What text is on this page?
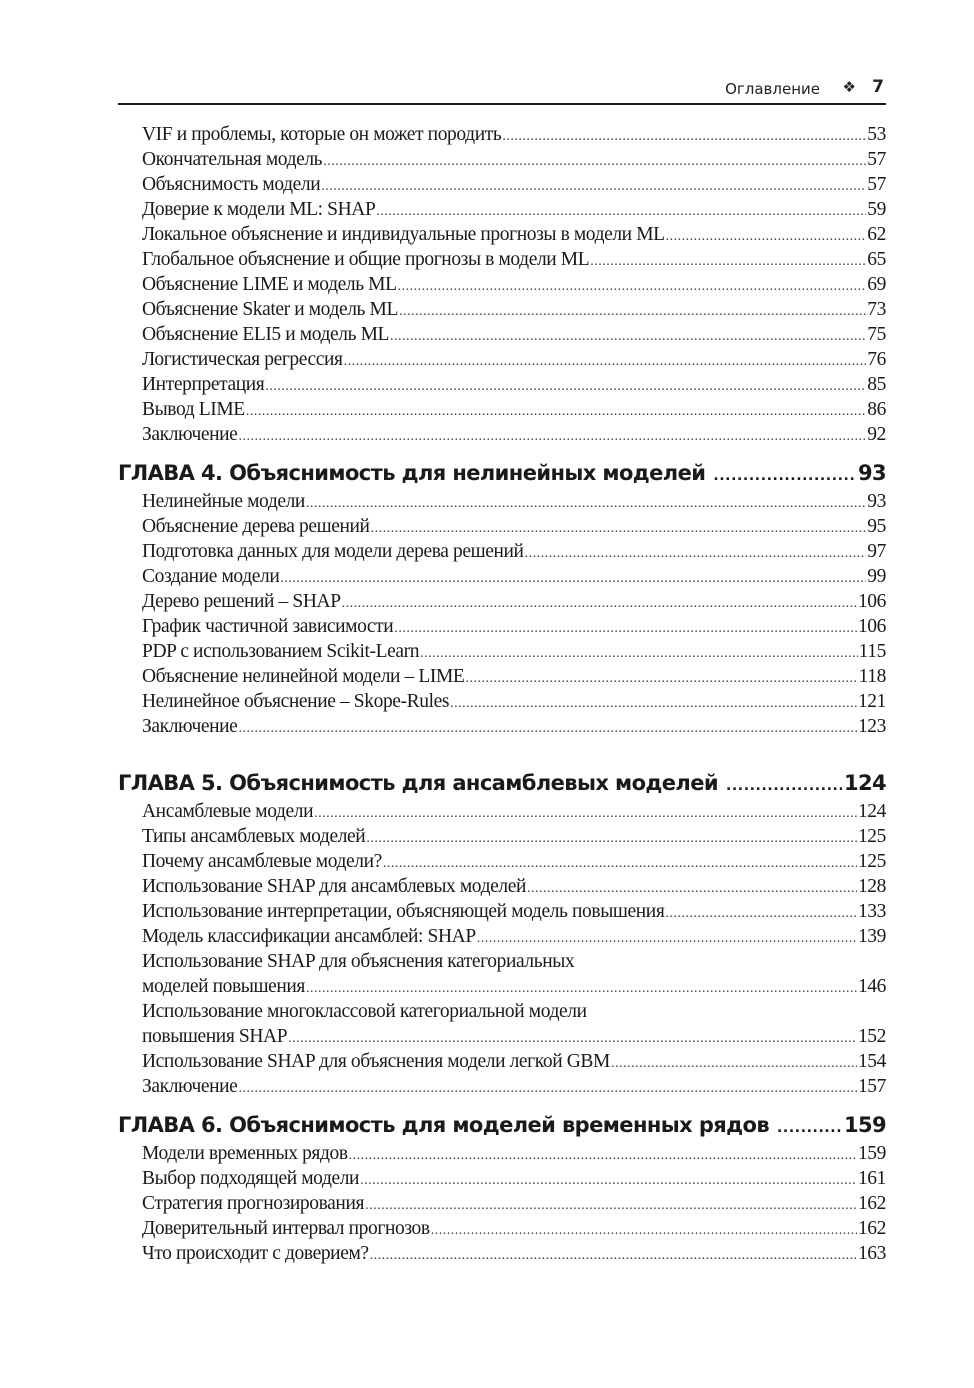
Оглавление ❖ 7
VIF и проблемы, которые он может породить .....	53
Окончательная модель .....	57
Объяснимость модели .....	57
Доверие к модели ML: SHAP .....	59
Локальное объяснение и индивидуальные прогнозы в модели ML .....	62
Глобальное объяснение и общие прогнозы в модели ML .....	65
Объяснение LIME и модель ML .....	69
Объяснение Skater и модель ML .....	73
Объяснение ELI5 и модель ML .....	75
Логистическая регрессия .....	76
Интерпретация .....	85
Вывод LIME .....	86
Заключение .....	92
ГЛАВА 4. Объяснимость для нелинейных моделей .....	93
Нелинейные модели .....	93
Объяснение дерева решений .....	95
Подготовка данных для модели дерева решений .....	97
Создание модели .....	99
Дерево решений – SHAP .....	106
График частичной зависимости .....	106
PDP с использованием Scikit-Learn .....	115
Объяснение нелинейной модели – LIME .....	118
Нелинейное объяснение – Skope-Rules .....	121
Заключение .....	123
ГЛАВА 5. Объяснимость для ансамблевых моделей .....	124
Ансамблевые модели .....	124
Типы ансамблевых моделей .....	125
Почему ансамблевые модели? .....	125
Использование SHAP для ансамблевых моделей .....	128
Использование интерпретации, объясняющей модель повышения .....	133
Модель классификации ансамблей: SHAP .....	139
Использование SHAP для объяснения категориальных
моделей повышения .....	146
Использование многоклассовой категориальной модели
повышения SHAP .....	152
Использование SHAP для объяснения модели легкой GBM .....	154
Заключение .....	157
ГЛАВА 6. Объяснимость для моделей временных рядов .....	159
Модели временных рядов .....	159
Выбор подходящей модели .....	161
Стратегия прогнозирования .....	162
Доверительный интервал прогнозов .....	162
Что происходит с доверием? .....	163
